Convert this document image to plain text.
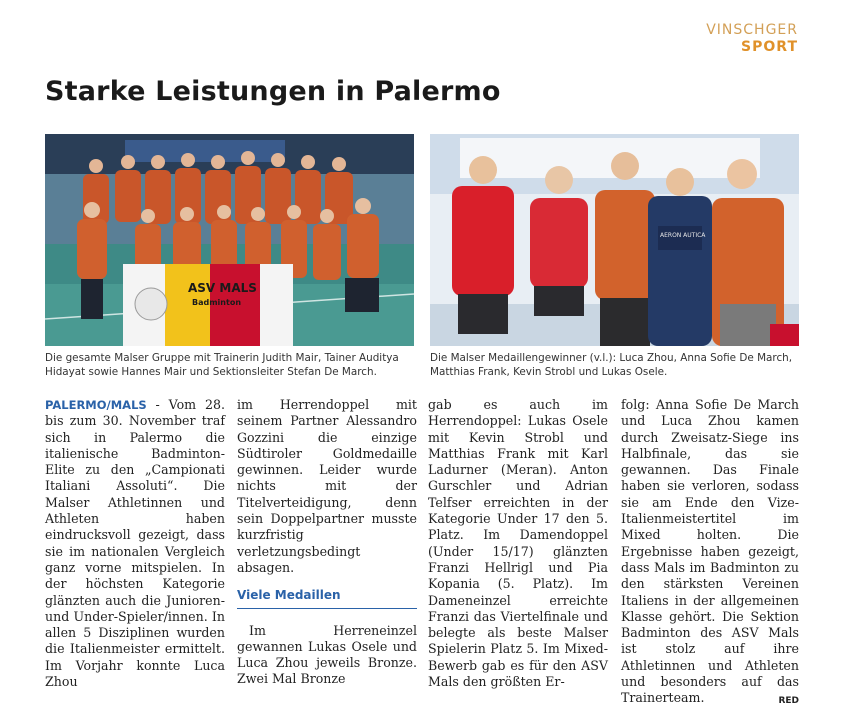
VINSCHGER
SPORT
Starke Leistungen in Palermo
ASV MALS
Badminton
Die gesamte Malser Gruppe mit Trainerin Judith Mair, Tainer Auditya Hidayat sowie Hannes Mair und Sektionsleiter Stefan De March.
AERON AUTICA
Die Malser Medaillengewinner (v.l.): Luca Zhou, Anna Sofie De March, Matthias Frank, Kevin Strobl und Lukas Osele.

PALERMO/MALS - Vom 28. bis zum 30. November traf sich in Palermo die italienische Badminton-Elite zu den „Campionati Italiani Assoluti“. Die Malser Athletinnen und Athleten haben eindrucksvoll gezeigt, dass sie im nationalen Vergleich ganz vorne mitspielen. In der höchsten Kategorie glänzten auch die Junioren- und Under-Spieler/innen. In allen 5 Disziplinen wurden die Italienmeister ermittelt. Im Vorjahr konnte Luca Zhou

im Herrendoppel mit seinem Partner Alessandro Gozzini die einzige Südtiroler Goldmedaille gewinnen. Leider wurde nichts mit der Titelverteidigung, denn sein Doppelpartner musste kurzfristig verletzungsbedingt absagen.

Viele Medaillen

Im Herreneinzel gewannen Lukas Osele und Luca Zhou jeweils Bronze. Zwei Mal Bronze

gab es auch im Herrendoppel: Lukas Osele mit Kevin Strobl und Matthias Frank mit Karl Ladurner (Meran). Anton Gurschler und Adrian Telfser erreichten in der Kategorie Under 17 den 5. Platz. Im Damendoppel (Under 15/17) glänzten Franzi Hellrigl und Pia Kopania (5. Platz). Im Dameneinzel erreichte Franzi das Viertelfinale und belegte als beste Malser Spielerin Platz 5. Im Mixed-Bewerb gab es für den ASV Mals den größten Er-

folg: Anna Sofie De March und Luca Zhou kamen durch Zweisatz-Siege ins Halbfinale, das sie gewannen. Das Finale haben sie verloren, sodass sie am Ende den Vize-Italienmeistertitel im Mixed holten. Die Ergebnisse haben gezeigt, dass Mals im Badminton zu den stärksten Vereinen Italiens in der allgemeinen Klasse gehört. Die Sektion Badminton des ASV Mals ist stolz auf ihre Athletinnen und Athleten und besonders auf das Trainerteam.	RED
